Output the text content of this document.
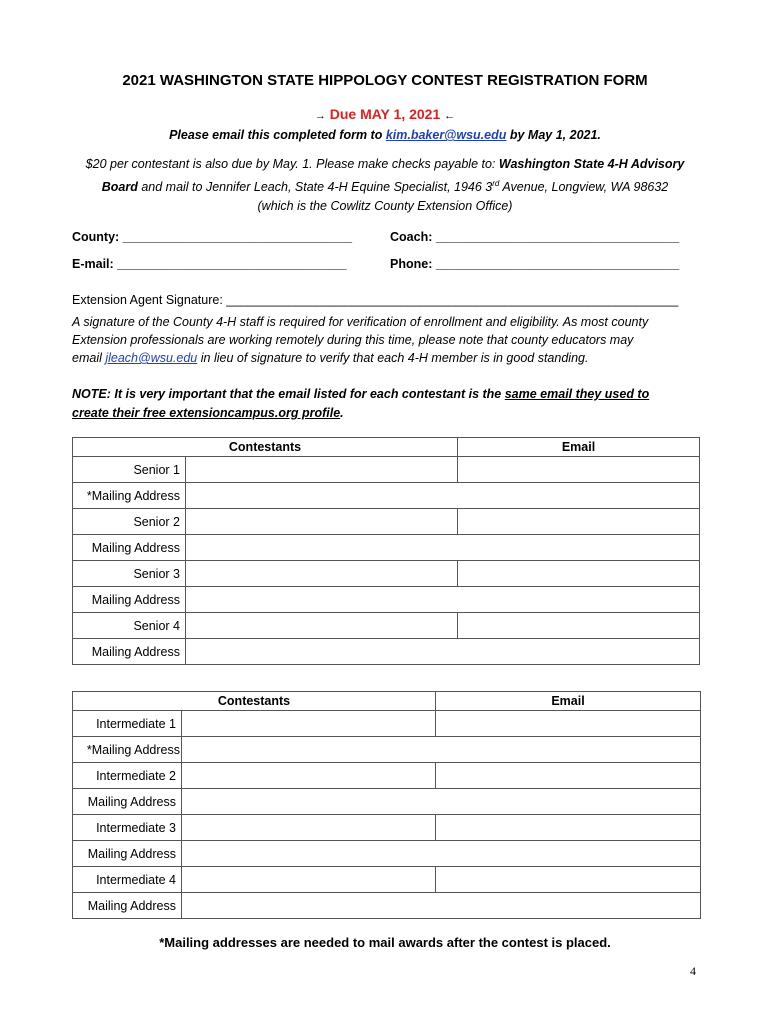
2021 WASHINGTON STATE HIPPOLOGY CONTEST REGISTRATION FORM
→ Due MAY 1, 2021 ←
Please email this completed form to kim.baker@wsu.edu by May 1, 2021.
$20 per contestant is also due by May. 1. Please make checks payable to: Washington State 4-H Advisory
Board and mail to Jennifer Leach, State 4-H Equine Specialist, 1946 3rd Avenue, Longview, WA 98632
(which is the Cowlitz County Extension Office)
County: _________________________________	Coach: ___________________________________
E-mail: _________________________________	Phone: ___________________________________
Extension Agent Signature: _________________________________________________________________
A signature of the County 4-H staff is required for verification of enrollment and eligibility. As most county
Extension professionals are working remotely during this time, please note that county educators may
email jleach@wsu.edu in lieu of signature to verify that each 4-H member is in good standing.
NOTE: It is very important that the email listed for each contestant is the same email they used to
create their free extensioncampus.org profile.
Contestants		Email
Senior 1		
*Mailing Address		
Senior 2		
Mailing Address		
Senior 3		
Mailing Address		
Senior 4		
Mailing Address		
Contestants		Email
Intermediate 1		
*Mailing Address		
Intermediate 2		
Mailing Address		
Intermediate 3		
Mailing Address		
Intermediate 4		
Mailing Address		
*Mailing addresses are needed to mail awards after the contest is placed.
4
